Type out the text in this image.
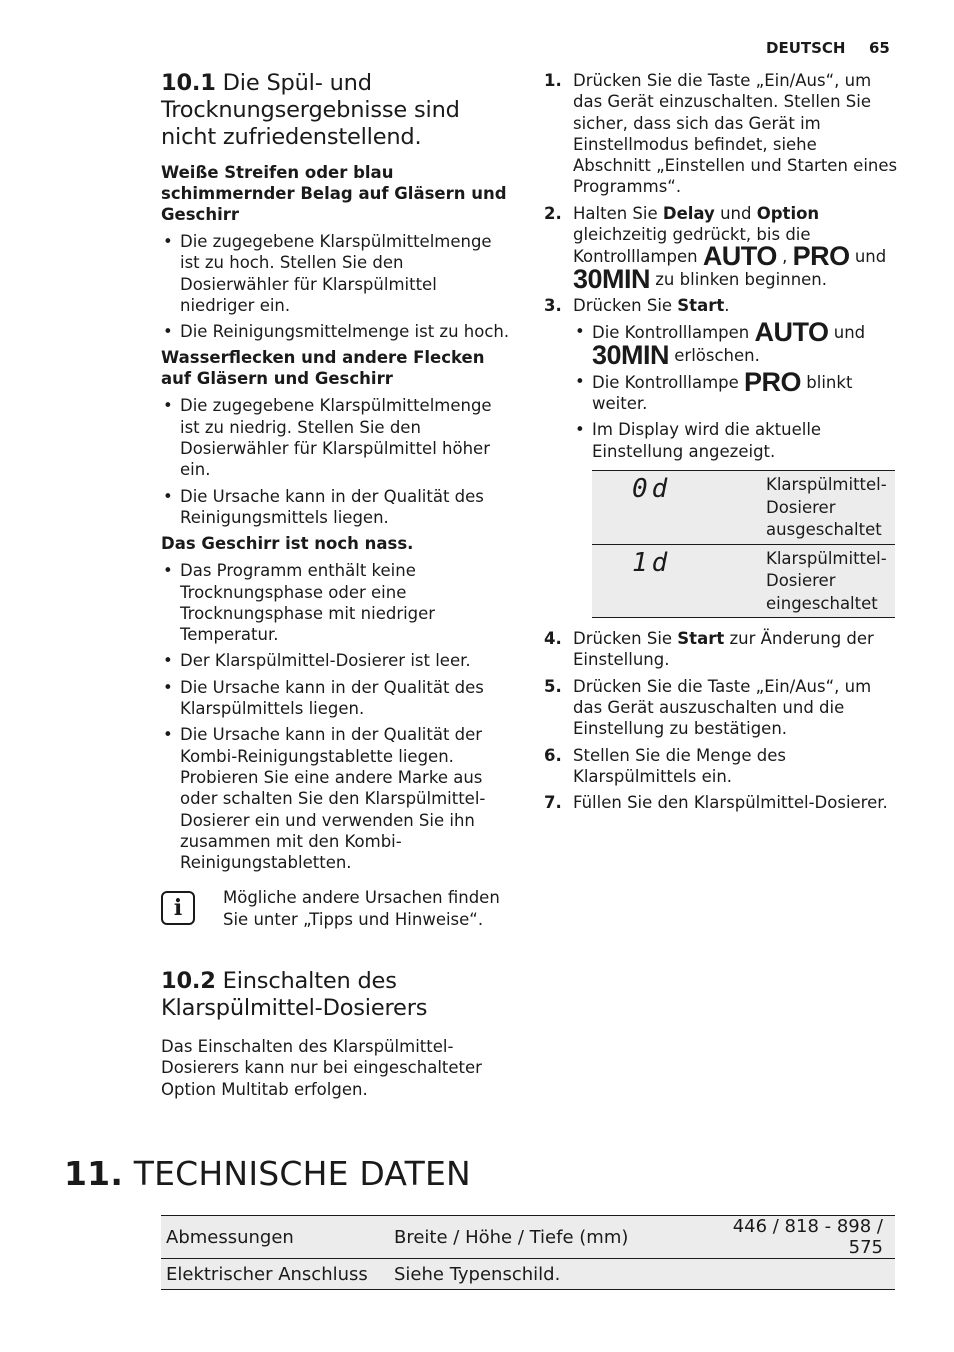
DEUTSCH 65
10.1 Die Spül- und Trocknungsergebnisse sind nicht zufriedenstellend.
Weiße Streifen oder blau schimmernder Belag auf Gläsern und Geschirr
• Die zugegebene Klarspülmittelmenge ist zu hoch. Stellen Sie den Dosierwähler für Klarspülmittel niedriger ein.
• Die Reinigungsmittelmenge ist zu hoch.
Wasserflecken und andere Flecken auf Gläsern und Geschirr
• Die zugegebene Klarspülmittelmenge ist zu niedrig. Stellen Sie den Dosierwähler für Klarspülmittel höher ein.
• Die Ursache kann in der Qualität des Reinigungsmittels liegen.
Das Geschirr ist noch nass.
• Das Programm enthält keine Trocknungsphase oder eine Trocknungsphase mit niedriger Temperatur.
• Der Klarspülmittel-Dosierer ist leer.
• Die Ursache kann in der Qualität des Klarspülmittels liegen.
• Die Ursache kann in der Qualität der Kombi-Reinigungstablette liegen. Probieren Sie eine andere Marke aus oder schalten Sie den Klarspülmittel-Dosierer ein und verwenden Sie ihn zusammen mit den Kombi-Reinigungstabletten.
i Mögliche andere Ursachen finden Sie unter „Tipps und Hinweise“.

10.2 Einschalten des Klarspülmittel-Dosierers

Das Einschalten des Klarspülmittel-Dosierers kann nur bei eingeschalteter Option Multitab erfolgen.

1. Drücken Sie die Taste „Ein/Aus“, um das Gerät einzuschalten. Stellen Sie sicher, dass sich das Gerät im Einstellmodus befindet, siehe Abschnitt „Einstellen und Starten eines Programms“.
2. Halten Sie Delay und Option gleichzeitig gedrückt, bis die Kontrolllampen AUTO , PRO und 30MIN zu blinken beginnen.
3. Drücken Sie Start.
• Die Kontrolllampen AUTO und 30MIN erlöschen.
• Die Kontrolllampe PRO blinkt weiter.
• Im Display wird die aktuelle Einstellung angezeigt.
0d	Klarspülmittel-Dosierer ausgeschaltet
1d	Klarspülmittel-Dosierer eingeschaltet
4. Drücken Sie Start zur Änderung der Einstellung.
5. Drücken Sie die Taste „Ein/Aus“, um das Gerät auszuschalten und die Einstellung zu bestätigen.
6. Stellen Sie die Menge des Klarspülmittels ein.
7. Füllen Sie den Klarspülmittel-Dosierer.
11. TECHNISCHE DATEN
Abmessungen	Breite / Höhe / Tiefe (mm)	446 / 818 - 898 / 575
Elektrischer Anschluss	Siehe Typenschild.	
